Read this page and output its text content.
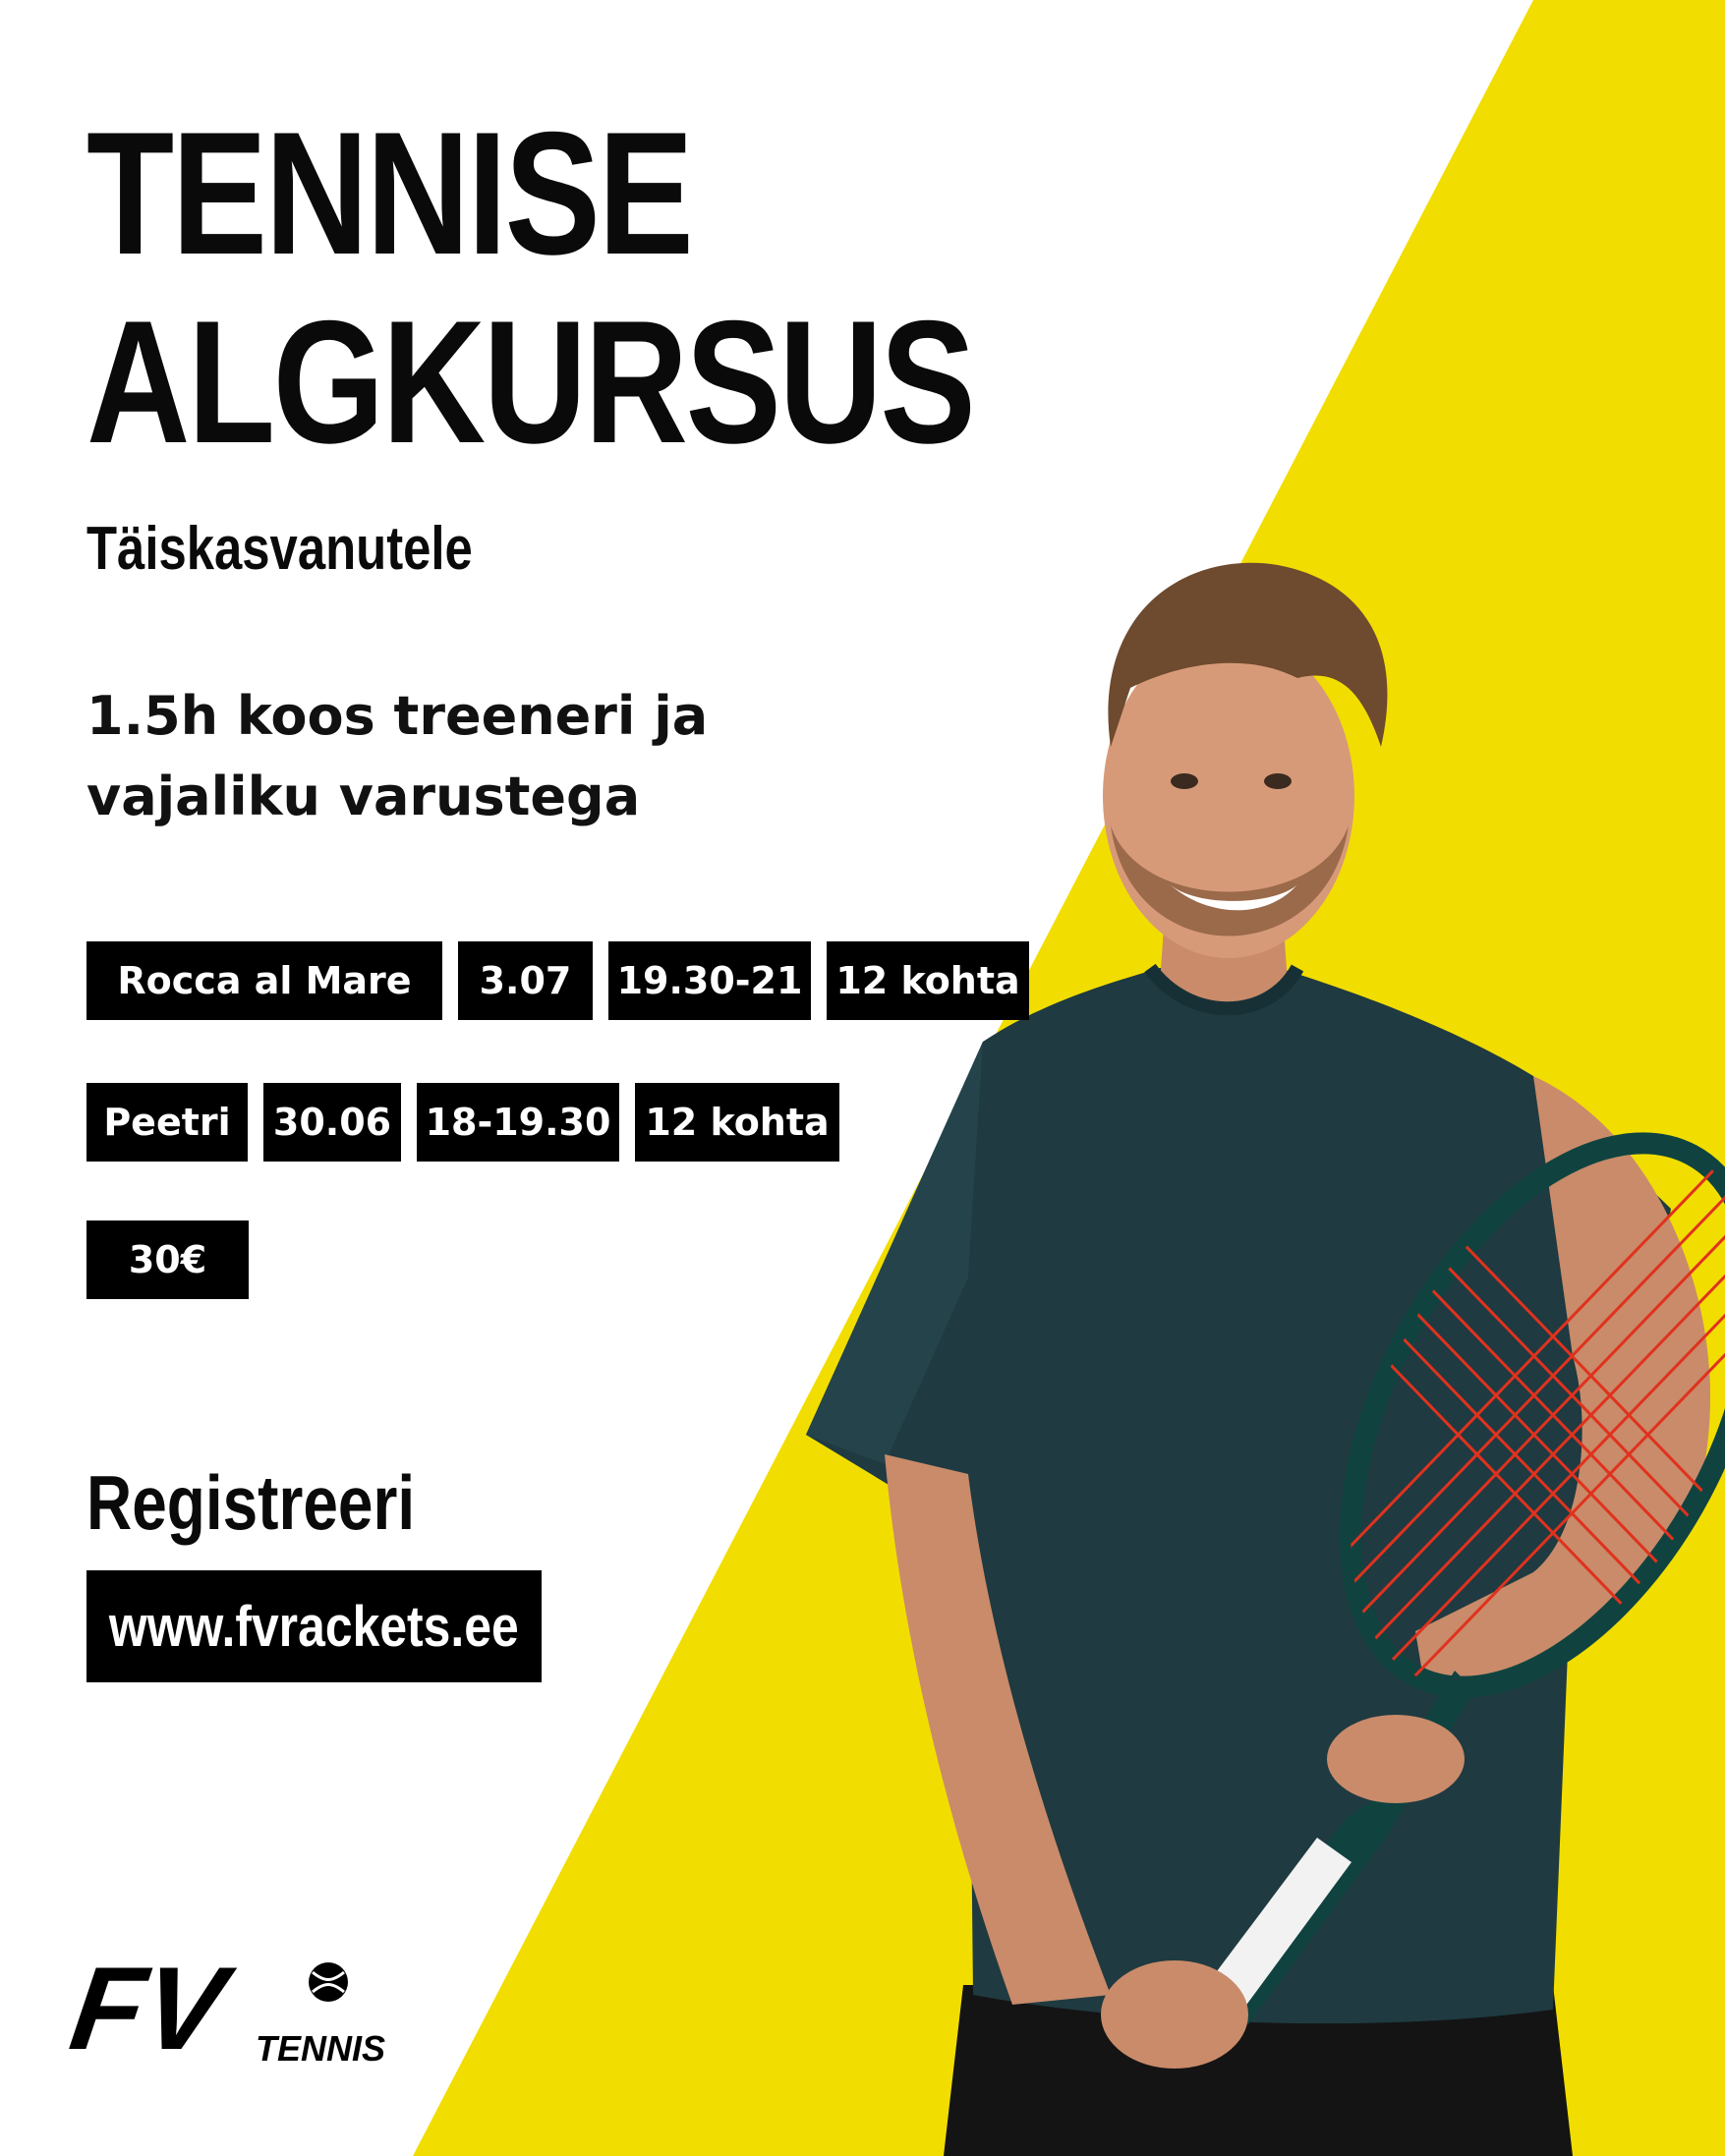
TENNISE
ALGKURSUS
Täiskasvanutele

1.5h koos treeneri ja
vajaliku varustega

Rocca al Mare	3.07	19.30-21 12 kohta
Peetri	30.06 18-19.30 12 kohta
30€
Registreeri
www.fvrackets.ee
FV TENNIS
